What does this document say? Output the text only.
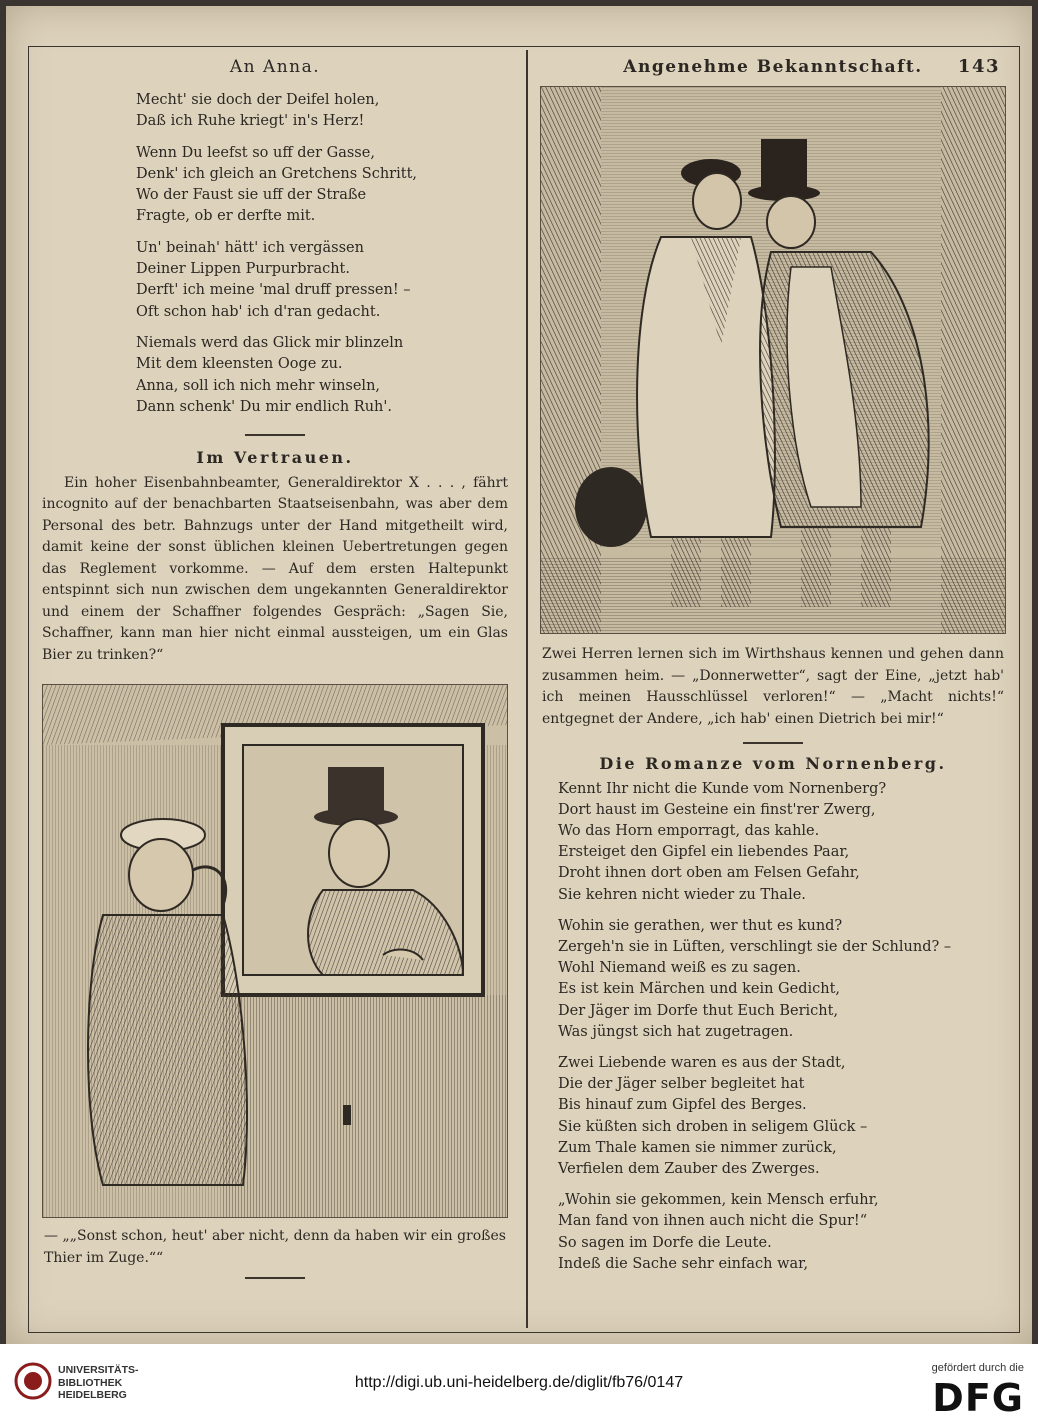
An Anna.
Mecht' sie doch der Deifel holen,
Daß ich Ruhe kriegt' in's Herz!
Wenn Du leefst so uff der Gasse,
Denk' ich gleich an Gretchens Schritt,
Wo der Faust sie uff der Straße
Fragte, ob er derfte mit.
Un' beinah' hätt' ich vergässen
Deiner Lippen Purpurbracht.
Derft' ich meine 'mal druff pressen! –
Oft schon hab' ich d'ran gedacht.
Niemals werd das Glick mir blinzeln
Mit dem kleensten Ooge zu.
Anna, soll ich nich mehr winseln,
Dann schenk' Du mir endlich Ruh'.
Im Vertrauen.

Ein hoher Eisenbahnbeamter, Generaldirektor X . . . , fährt incognito auf der benachbarten Staatseisenbahn, was aber dem Personal des betr. Bahnzugs unter der Hand mitgetheilt wird, damit keine der sonst üblichen kleinen Uebertretungen gegen das Reglement vorkomme. — Auf dem ersten Haltepunkt entspinnt sich nun zwischen dem ungekannten Generaldirektor und einem der Schaffner folgendes Gespräch: „Sagen Sie, Schaffner, kann man hier nicht einmal aussteigen, um ein Glas Bier zu trinken?“

— „„Sonst schon, heut' aber nicht, denn da haben wir ein großes Thier im Zuge.““
Angenehme Bekanntschaft.	143
Zwei Herren lernen sich im Wirthshaus kennen und gehen dann zusammen heim. — „Donnerwetter“, sagt der Eine, „jetzt hab' ich meinen Hausschlüssel verloren!“ — „Macht nichts!“ entgegnet der Andere, „ich hab' einen Dietrich bei mir!“
Die Romanze vom Nornenberg.
Kennt Ihr nicht die Kunde vom Nornenberg?
Dort haust im Gesteine ein finst'rer Zwerg,
Wo das Horn emporragt, das kahle.
Ersteiget den Gipfel ein liebendes Paar,
Droht ihnen dort oben am Felsen Gefahr,
Sie kehren nicht wieder zu Thale.
Wohin sie gerathen, wer thut es kund?
Zergeh'n sie in Lüften, verschlingt sie der Schlund? –
Wohl Niemand weiß es zu sagen.
Es ist kein Märchen und kein Gedicht,
Der Jäger im Dorfe thut Euch Bericht,
Was jüngst sich hat zugetragen.
Zwei Liebende waren es aus der Stadt,
Die der Jäger selber begleitet hat
Bis hinauf zum Gipfel des Berges.
Sie küßten sich droben in seligem Glück –
Zum Thale kamen sie nimmer zurück,
Verfielen dem Zauber des Zwerges.
„Wohin sie gekommen, kein Mensch erfuhr,
Man fand von ihnen auch nicht die Spur!“
So sagen im Dorfe die Leute.
Indeß die Sache sehr einfach war,
UNIVERSITÄTS-
BIBLIOTHEK
HEIDELBERG
http://digi.ub.uni-heidelberg.de/diglit/fb76/0147
gefördert durch die
DFG
